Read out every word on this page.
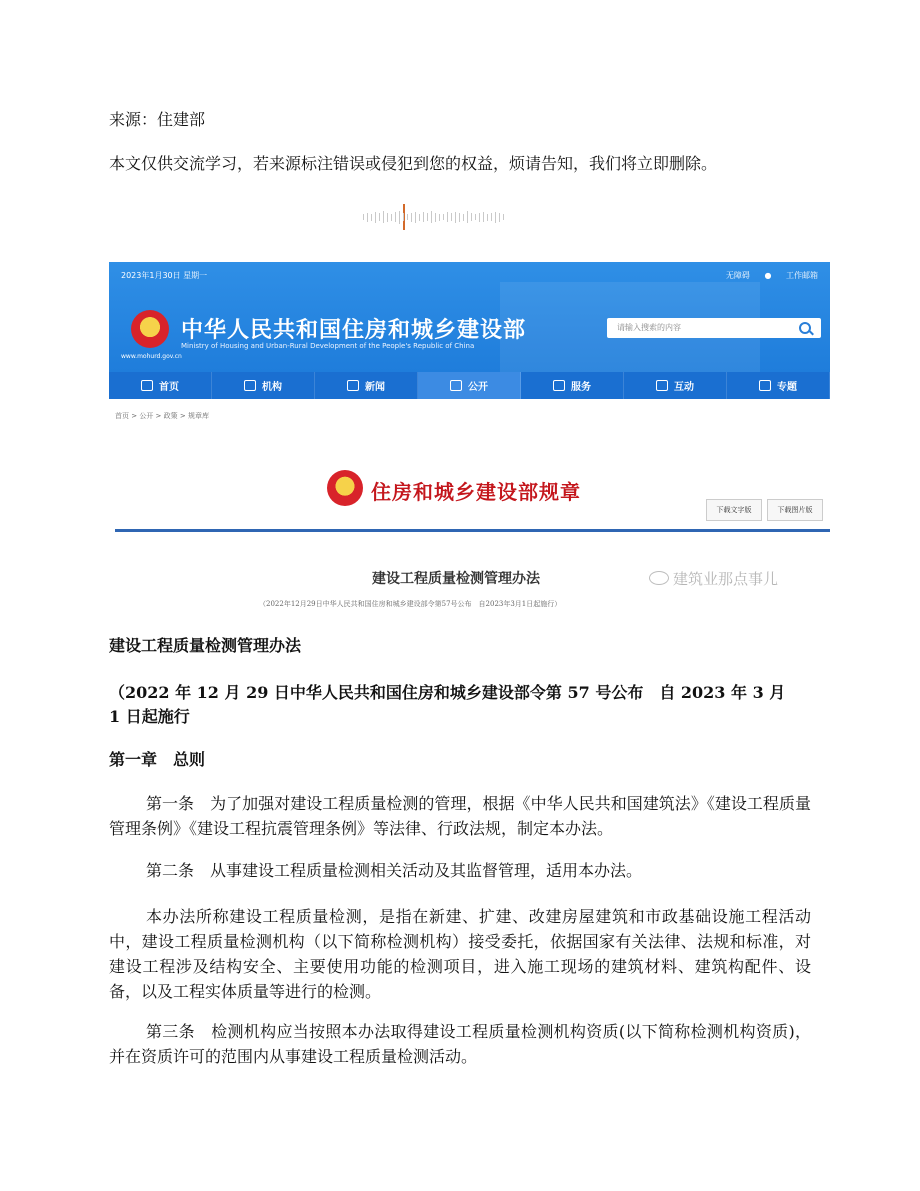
来源：住建部
本文仅供交流学习，若来源标注错误或侵犯到您的权益，烦请告知，我们将立即删除。
2023年1月30日 星期一	无障碍 ● 工作邮箱
中华人民共和国住房和城乡建设部
Ministry of Housing and Urban-Rural Development of the People's Republic of China
www.mohurd.gov.cn
请输入搜索的内容
首页	机构	新闻	公开	服务	互动	专题
首页 > 公开 > 政策 > 规章库
住房和城乡建设部规章
下载文字版	下载图片版
建设工程质量检测管理办法	建筑业那点事儿
（2022年12月29日中华人民共和国住房和城乡建设部令第57号公布　自2023年3月1日起施行）
建设工程质量检测管理办法
（2022 年 12 月 29 日中华人民共和国住房和城乡建设部令第 57 号公布　自 2023 年 3 月
1 日起施行
第一章　总则
第一条　为了加强对建设工程质量检测的管理，根据《中华人民共和国建筑法》《建设工程质量管理条例》《建设工程抗震管理条例》等法律、行政法规，制定本办法。
第二条　从事建设工程质量检测相关活动及其监督管理，适用本办法。
本办法所称建设工程质量检测，是指在新建、扩建、改建房屋建筑和市政基础设施工程活动中，建设工程质量检测机构（以下简称检测机构）接受委托，依据国家有关法律、法规和标准，对建设工程涉及结构安全、主要使用功能的检测项目，进入施工现场的建筑材料、建筑构配件、设备，以及工程实体质量等进行的检测。
第三条　检测机构应当按照本办法取得建设工程质量检测机构资质(以下简称检测机构资质)，并在资质许可的范围内从事建设工程质量检测活动。
